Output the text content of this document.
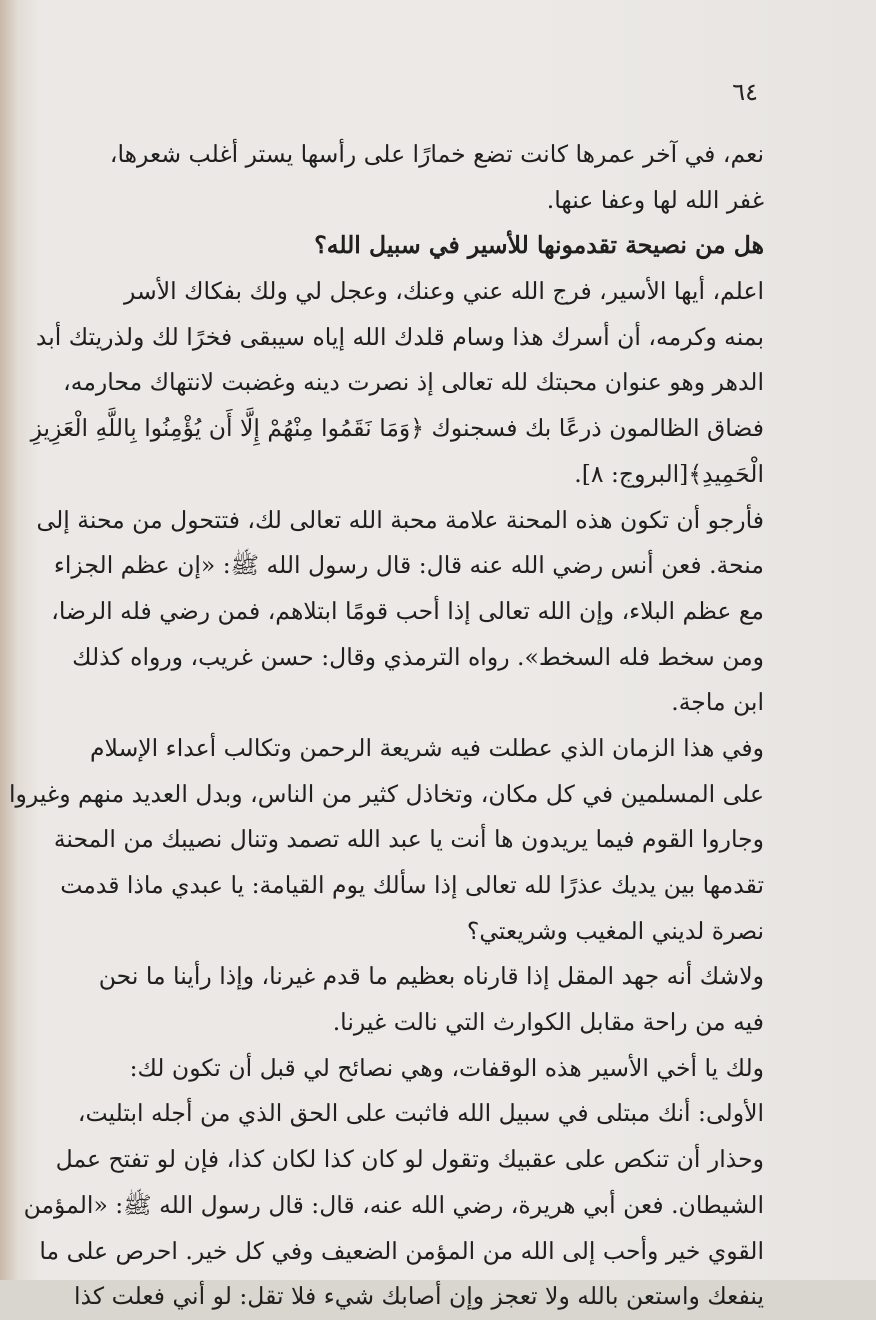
٦٤
نعم، في آخر عمرها كانت تضع خمارًا على رأسها يستر أغلب شعرها،
غفر الله لها وعفا عنها.
هل من نصيحة تقدمونها للأسير في سبيل الله؟
اعلم، أيها الأسير، فرج الله عني وعنك، وعجل لي ولك بفكاك الأسر
بمنه وكرمه، أن أسرك هذا وسام قلدك الله إياه سيبقى فخرًا لك ولذريتك أبد
الدهر وهو عنوان محبتك لله تعالى إذ نصرت دينه وغضبت لانتهاك محارمه،
فضاق الظالمون ذرعًا بك فسجنوك ﴿وَمَا نَقَمُوا مِنْهُمْ إِلَّا أَن يُؤْمِنُوا بِاللَّهِ الْعَزِيزِ
الْحَمِيدِ﴾[البروج: ٨].
فأرجو أن تكون هذه المحنة علامة محبة الله تعالى لك، فتتحول من محنة إلى
منحة. فعن أنس رضي الله عنه قال: قال رسول الله ﷺ: «إن عظم الجزاء
مع عظم البلاء، وإن الله تعالى إذا أحب قومًا ابتلاهم، فمن رضي فله الرضا،
ومن سخط فله السخط». رواه الترمذي وقال: حسن غريب، ورواه كذلك
ابن ماجة.
وفي هذا الزمان الذي عطلت فيه شريعة الرحمن وتكالب أعداء الإسلام
على المسلمين في كل مكان، وتخاذل كثير من الناس، وبدل العديد منهم وغيروا
وجاروا القوم فيما يريدون ها أنت يا عبد الله تصمد وتنال نصيبك من المحنة
تقدمها بين يديك عذرًا لله تعالى إذا سألك يوم القيامة: يا عبدي ماذا قدمت
نصرة لديني المغيب وشريعتي؟
ولاشك أنه جهد المقل إذا قارناه بعظيم ما قدم غيرنا، وإذا رأينا ما نحن
فيه من راحة مقابل الكوارث التي نالت غيرنا.
ولك يا أخي الأسير هذه الوقفات، وهي نصائح لي قبل أن تكون لك:
الأولى: أنك مبتلى في سبيل الله فاثبت على الحق الذي من أجله ابتليت،
وحذار أن تنكص على عقبيك وتقول لو كان كذا لكان كذا، فإن لو تفتح عمل
الشيطان. فعن أبي هريرة، رضي الله عنه، قال: قال رسول الله ﷺ: «المؤمن
القوي خير وأحب إلى الله من المؤمن الضعيف وفي كل خير. احرص على ما
ينفعك واستعن بالله ولا تعجز وإن أصابك شيء فلا تقل: لو أني فعلت كذا
